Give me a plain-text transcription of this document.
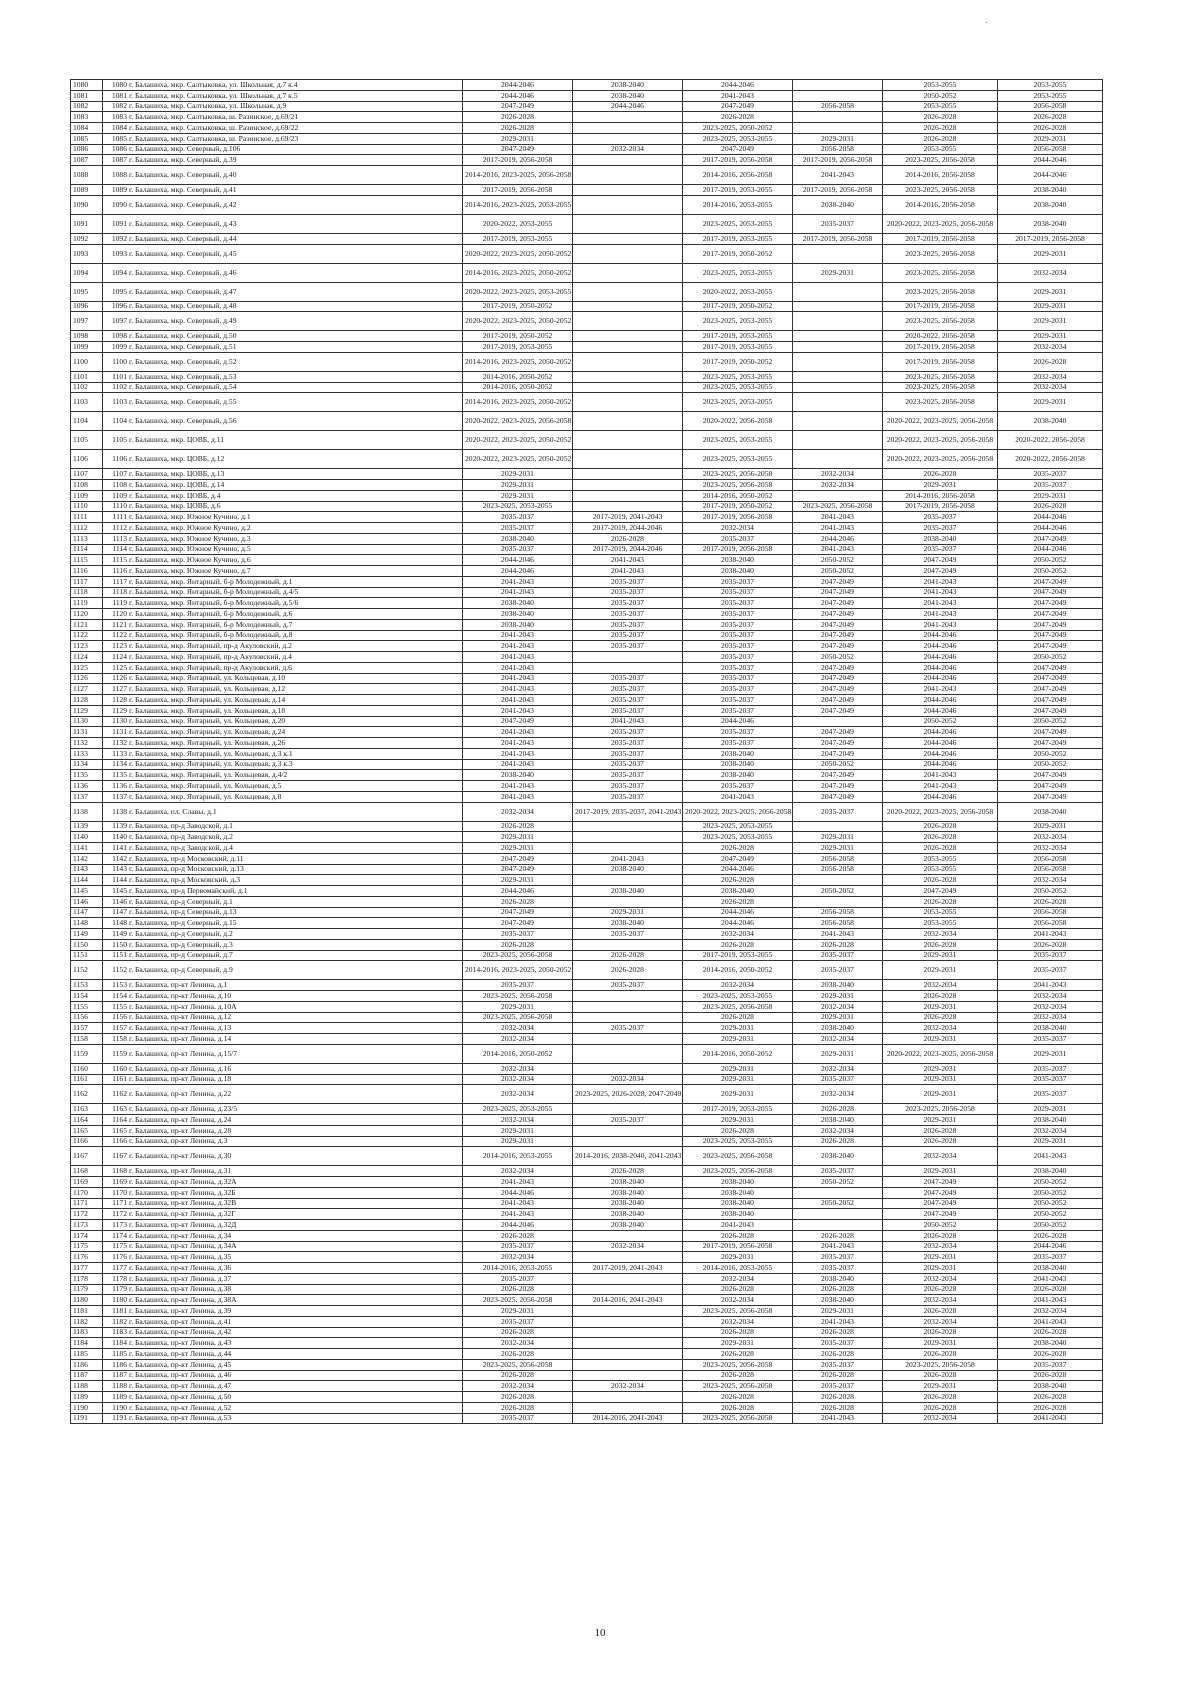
1080	1080 г. Балашиха, мкр. Салтыковка, ул. Школьная, д.7 к.4	2044-2046	2038-2040	2044-2046		2053-2055	2053-2055
1081	1081 г. Балашиха, мкр. Салтыковка, ул. Школьная, д.7 к.5	2044-2046	2038-2040	2041-2043		2050-2052	2053-2055
1082	1082 г. Балашиха, мкр. Салтыковка, ул. Школьная, д.9	2047-2049	2044-2046	2047-2049	2056-2058	2053-2055	2056-2058
1083	1083 г. Балашиха, мкр. Салтыковка, ш. Разинское, д.69/21	2026-2028		2026-2028		2026-2028	2026-2028
1084	1084 г. Балашиха, мкр. Салтыковка, ш. Разинское, д.69/22	2026-2028		2023-2025, 2050-2052		2026-2028	2026-2028
1085	1085 г. Балашиха, мкр. Салтыковка, ш. Разинское, д.69/23	2029-2031		2023-2025, 2053-2055	2029-2031	2026-2028	2029-2031
1086	1086 г. Балашиха, мкр. Северный, д.106	2047-2049	2032-2034	2047-2049	2056-2058	2053-2055	2056-2058
1087	1087 г. Балашиха, мкр. Северный, д.39	2017-2019, 2056-2058		2017-2019, 2056-2058	2017-2019, 2056-2058	2023-2025, 2056-2058	2044-2046
1088	1088 г. Балашиха, мкр. Северный, д.40	2014-2016, 2023-2025, 2056-2058		2014-2016, 2056-2058	2041-2043	2014-2016, 2056-2058	2044-2046
1089	1089 г. Балашиха, мкр. Северный, д.41	2017-2019, 2056-2058		2017-2019, 2053-2055	2017-2019, 2056-2058	2023-2025, 2056-2058	2038-2040
1090	1090 г. Балашиха, мкр. Северный, д.42	2014-2016, 2023-2025, 2053-2055		2014-2016, 2053-2055	2038-2040	2014-2016, 2056-2058	2038-2040
1091	1091 г. Балашиха, мкр. Северный, д.43	2020-2022, 2053-2055		2023-2025, 2053-2055	2035-2037	2020-2022, 2023-2025, 2056-2058	2038-2040
1092	1092 г. Балашиха, мкр. Северный, д.44	2017-2019, 2053-2055		2017-2019, 2053-2055	2017-2019, 2056-2058	2017-2019, 2056-2058	2017-2019, 2056-2058
1093	1093 г. Балашиха, мкр. Северный, д.45	2020-2022, 2023-2025, 2050-2052		2017-2019, 2050-2052		2023-2025, 2056-2058	2029-2031
1094	1094 г. Балашиха, мкр. Северный, д.46	2014-2016, 2023-2025, 2050-2052		2023-2025, 2053-2055	2029-2031	2023-2025, 2056-2058	2032-2034
1095	1095 г. Балашиха, мкр. Северный, д.47	2020-2022, 2023-2025, 2053-2055		2020-2022, 2053-2055		2023-2025, 2056-2058	2029-2031
1096	1096 г. Балашиха, мкр. Северный, д.48	2017-2019, 2050-2052		2017-2019, 2050-2052		2017-2019, 2056-2058	2029-2031
1097	1097 г. Балашиха, мкр. Северный, д.49	2020-2022, 2023-2025, 2050-2052		2023-2025, 2053-2055		2023-2025, 2056-2058	2029-2031
1098	1098 г. Балашиха, мкр. Северный, д.50	2017-2019, 2050-2052		2017-2019, 2053-2055		2020-2022, 2056-2058	2029-2031
1099	1099 г. Балашиха, мкр. Северный, д.51	2017-2019, 2053-2055		2017-2019, 2053-2055		2017-2019, 2056-2058	2032-2034
1100	1100 г. Балашиха, мкр. Северный, д.52	2014-2016, 2023-2025, 2050-2052		2017-2019, 2050-2052		2017-2019, 2056-2058	2026-2028
1101	1101 г. Балашиха, мкр. Северный, д.53	2014-2016, 2050-2052		2023-2025, 2053-2055		2023-2025, 2056-2058	2032-2034
1102	1102 г. Балашиха, мкр. Северный, д.54	2014-2016, 2050-2052		2023-2025, 2053-2055		2023-2025, 2056-2058	2032-2034
1103	1103 г. Балашиха, мкр. Северный, д.55	2014-2016, 2023-2025, 2050-2052		2023-2025, 2053-2055		2023-2025, 2056-2058	2029-2031
1104	1104 г. Балашиха, мкр. Северный, д.56	2020-2022, 2023-2025, 2056-2058		2020-2022, 2056-2058		2020-2022, 2023-2025, 2056-2058	2038-2040
1105	1105 г. Балашиха, мкр. ЦОВБ, д.11	2020-2022, 2023-2025, 2050-2052		2023-2025, 2053-2055		2020-2022, 2023-2025, 2056-2058	2020-2022, 2056-2058
1106	1106 г. Балашиха, мкр. ЦОВБ, д.12	2020-2022, 2023-2025, 2050-2052		2023-2025, 2053-2055		2020-2022, 2023-2025, 2056-2058	2020-2022, 2056-2058
1107	1107 г. Балашиха, мкр. ЦОВБ, д.13	2029-2031		2023-2025, 2056-2058	2032-2034	2026-2028	2035-2037
1108	1108 г. Балашиха, мкр. ЦОВБ, д.14	2029-2031		2023-2025, 2056-2058	2032-2034	2029-2031	2035-2037
1109	1109 г. Балашиха, мкр. ЦОВБ, д.4	2029-2031		2014-2016, 2050-2052		2014-2016, 2056-2058	2029-2031
1110	1110 г. Балашиха, мкр. ЦОВБ, д.6	2023-2025, 2053-2055		2017-2019, 2050-2052	2023-2025, 2056-2058	2017-2019, 2056-2058	2026-2028
1111	1111 г. Балашиха, мкр. Южное Кучино, д.1	2035-2037	2017-2019, 2041-2043	2017-2019, 2056-2058	2041-2043	2035-2037	2044-2046
1112	1112 г. Балашиха, мкр. Южное Кучино, д.2	2035-2037	2017-2019, 2044-2046	2032-2034	2041-2043	2035-2037	2044-2046
1113	1113 г. Балашиха, мкр. Южное Кучино, д.3	2038-2040	2026-2028	2035-2037	2044-2046	2038-2040	2047-2049
1114	1114 г. Балашиха, мкр. Южное Кучино, д.5	2035-2037	2017-2019, 2044-2046	2017-2019, 2056-2058	2041-2043	2035-2037	2044-2046
1115	1115 г. Балашиха, мкр. Южное Кучино, д.6	2044-2046	2041-2043	2038-2040	2050-2052	2047-2049	2050-2052
1116	1116 г. Балашиха, мкр. Южное Кучино, д.7	2044-2046	2041-2043	2038-2040	2050-2052	2047-2049	2050-2052
1117	1117 г. Балашиха, мкр. Янтарный, б-р Молодежный, д.1	2041-2043	2035-2037	2035-2037	2047-2049	2041-2043	2047-2049
1118	1118 г. Балашиха, мкр. Янтарный, б-р Молодежный, д.4/5	2041-2043	2035-2037	2035-2037	2047-2049	2041-2043	2047-2049
1119	1119 г. Балашиха, мкр. Янтарный, б-р Молодежный, д.5/6	2038-2040	2035-2037	2035-2037	2047-2049	2041-2043	2047-2049
1120	1120 г. Балашиха, мкр. Янтарный, б-р Молодежный, д.6	2038-2040	2035-2037	2035-2037	2047-2049	2041-2043	2047-2049
1121	1121 г. Балашиха, мкр. Янтарный, б-р Молодежный, д.7	2038-2040	2035-2037	2035-2037	2047-2049	2041-2043	2047-2049
1122	1122 г. Балашиха, мкр. Янтарный, б-р Молодежный, д.8	2041-2043	2035-2037	2035-2037	2047-2049	2044-2046	2047-2049
1123	1123 г. Балашиха, мкр. Янтарный, пр-д Акуловский, д.2	2041-2043	2035-2037	2035-2037	2047-2049	2044-2046	2047-2049
1124	1124 г. Балашиха, мкр. Янтарный, пр-д Акуловский, д.4	2041-2043		2035-2037	2050-2052	2044-2046	2050-2052
1125	1125 г. Балашиха, мкр. Янтарный, пр-д Акуловский, д.6	2041-2043		2035-2037	2047-2049	2044-2046	2047-2049
1126	1126 г. Балашиха, мкр. Янтарный, ул. Кольцевая, д.10	2041-2043	2035-2037	2035-2037	2047-2049	2044-2046	2047-2049
1127	1127 г. Балашиха, мкр. Янтарный, ул. Кольцевая, д.12	2041-2043	2035-2037	2035-2037	2047-2049	2041-2043	2047-2049
1128	1128 г. Балашиха, мкр. Янтарный, ул. Кольцевая, д.14	2041-2043	2035-2037	2035-2037	2047-2049	2044-2046	2047-2049
1129	1129 г. Балашиха, мкр. Янтарный, ул. Кольцевая, д.18	2041-2043	2035-2037	2035-2037	2047-2049	2044-2046	2047-2049
1130	1130 г. Балашиха, мкр. Янтарный, ул. Кольцевая, д.20	2047-2049	2041-2043	2044-2046		2050-2052	2050-2052
1131	1131 г. Балашиха, мкр. Янтарный, ул. Кольцевая, д.24	2041-2043	2035-2037	2035-2037	2047-2049	2044-2046	2047-2049
1132	1132 г. Балашиха, мкр. Янтарный, ул. Кольцевая, д.26	2041-2043	2035-2037	2035-2037	2047-2049	2044-2046	2047-2049
1133	1133 г. Балашиха, мкр. Янтарный, ул. Кольцевая, д.3 к.1	2041-2043	2035-2037	2038-2040	2047-2049	2044-2046	2050-2052
1134	1134 г. Балашиха, мкр. Янтарный, ул. Кольцевая, д.3 к.3	2041-2043	2035-2037	2038-2040	2050-2052	2044-2046	2050-2052
1135	1135 г. Балашиха, мкр. Янтарный, ул. Кольцевая, д.4/2	2038-2040	2035-2037	2038-2040	2047-2049	2041-2043	2047-2049
1136	1136 г. Балашиха, мкр. Янтарный, ул. Кольцевая, д.5	2041-2043	2035-2037	2035-2037	2047-2049	2041-2043	2047-2049
1137	1137 г. Балашиха, мкр. Янтарный, ул. Кольцевая, д.8	2041-2043	2035-2037	2041-2043	2047-2049	2044-2046	2047-2049
1138	1138 г. Балашиха, пл. Славы, д.1	2032-2034	2017-2019, 2035-2037, 2041-2043	2020-2022, 2023-2025, 2056-2058	2035-2037	2020-2022, 2023-2025, 2056-2058	2038-2040
1139	1139 г. Балашиха, пр-д Заводской, д.1	2026-2028		2023-2025, 2053-2055		2026-2028	2029-2031
1140	1140 г. Балашиха, пр-д Заводской, д.2	2029-2031		2023-2025, 2053-2055	2029-2031	2026-2028	2032-2034
1141	1141 г. Балашиха, пр-д Заводской, д.4	2029-2031		2026-2028	2029-2031	2026-2028	2032-2034
1142	1142 г. Балашиха, пр-д Московский, д.11	2047-2049	2041-2043	2047-2049	2056-2058	2053-2055	2056-2058
1143	1143 г. Балашиха, пр-д Московский, д.13	2047-2049	2038-2040	2044-2046	2056-2058	2053-2055	2056-2058
1144	1144 г. Балашиха, пр-д Московский, д.3	2029-2031		2026-2028		2026-2028	2032-2034
1145	1145 г. Балашиха, пр-д Первомайский, д.1	2044-2046	2038-2040	2038-2040	2050-2052	2047-2049	2050-2052
1146	1146 г. Балашиха, пр-д Северный, д.1	2026-2028		2026-2028		2026-2028	2026-2028
1147	1147 г. Балашиха, пр-д Северный, д.13	2047-2049	2029-2031	2044-2046	2056-2058	2053-2055	2056-2058
1148	1148 г. Балашиха, пр-д Северный, д.15	2047-2049	2038-2040	2044-2046	2056-2058	2053-2055	2056-2058
1149	1149 г. Балашиха, пр-д Северный, д.2	2035-2037	2035-2037	2032-2034	2041-2043	2032-2034	2041-2043
1150	1150 г. Балашиха, пр-д Северный, д.3	2026-2028		2026-2028	2026-2028	2026-2028	2026-2028
1151	1151 г. Балашиха, пр-д Северный, д.7	2023-2025, 2056-2058	2026-2028	2017-2019, 2053-2055	2035-2037	2029-2031	2035-2037
1152	1152 г. Балашиха, пр-д Северный, д.9	2014-2016, 2023-2025, 2050-2052	2026-2028	2014-2016, 2050-2052	2035-2037	2029-2031	2035-2037
1153	1153 г. Балашиха, пр-кт Ленина, д.1	2035-2037	2035-2037	2032-2034	2038-2040	2032-2034	2041-2043
1154	1154 г. Балашиха, пр-кт Ленина, д.10	2023-2025, 2056-2058		2023-2025, 2053-2055	2029-2031	2026-2028	2032-2034
1155	1155 г. Балашиха, пр-кт Ленина, д.10А	2029-2031		2023-2025, 2056-2058	2032-2034	2029-2031	2032-2034
1156	1156 г. Балашиха, пр-кт Ленина, д.12	2023-2025, 2056-2058		2026-2028	2029-2031	2026-2028	2032-2034
1157	1157 г. Балашиха, пр-кт Ленина, д.13	2032-2034	2035-2037	2029-2031	2038-2040	2032-2034	2038-2040
1158	1158 г. Балашиха, пр-кт Ленина, д.14	2032-2034		2029-2031	2032-2034	2029-2031	2035-2037
1159	1159 г. Балашиха, пр-кт Ленина, д.15/7	2014-2016, 2050-2052		2014-2016, 2050-2052	2029-2031	2020-2022, 2023-2025, 2056-2058	2029-2031
1160	1160 г. Балашиха, пр-кт Ленина, д.16	2032-2034		2029-2031	2032-2034	2029-2031	2035-2037
1161	1161 г. Балашиха, пр-кт Ленина, д.18	2032-2034	2032-2034	2029-2031	2035-2037	2029-2031	2035-2037
1162	1162 г. Балашиха, пр-кт Ленина, д.22	2032-2034	2023-2025, 2026-2028, 2047-2049	2029-2031	2032-2034	2029-2031	2035-2037
1163	1163 г. Балашиха, пр-кт Ленина, д.23/5	2023-2025, 2053-2055		2017-2019, 2053-2055	2026-2028	2023-2025, 2056-2058	2029-2031
1164	1164 г. Балашиха, пр-кт Ленина, д.24	2032-2034	2035-2037	2029-2031	2038-2040	2029-2031	2038-2040
1165	1165 г. Балашиха, пр-кт Ленина, д.28	2029-2031		2026-2028	2032-2034	2026-2028	2032-2034
1166	1166 г. Балашиха, пр-кт Ленина, д.3	2029-2031		2023-2025, 2053-2055	2026-2028	2026-2028	2029-2031
1167	1167 г. Балашиха, пр-кт Ленина, д.30	2014-2016, 2053-2055	2014-2016, 2038-2040, 2041-2043	2023-2025, 2056-2058	2038-2040	2032-2034	2041-2043
1168	1168 г. Балашиха, пр-кт Ленина, д.31	2032-2034	2026-2028	2023-2025, 2056-2058	2035-2037	2029-2031	2038-2040
1169	1169 г. Балашиха, пр-кт Ленина, д.32А	2041-2043	2038-2040	2038-2040	2050-2052	2047-2049	2050-2052
1170	1170 г. Балашиха, пр-кт Ленина, д.32Б	2044-2046	2038-2040	2038-2040		2047-2049	2050-2052
1171	1171 г. Балашиха, пр-кт Ленина, д.32В	2041-2043	2038-2040	2038-2040	2050-2052	2047-2049	2050-2052
1172	1172 г. Балашиха, пр-кт Ленина, д.32Г	2041-2043	2038-2040	2038-2040		2047-2049	2050-2052
1173	1173 г. Балашиха, пр-кт Ленина, д.32Д	2044-2046	2038-2040	2041-2043		2050-2052	2050-2052
1174	1174 г. Балашиха, пр-кт Ленина, д.34	2026-2028		2026-2028	2026-2028	2026-2028	2026-2028
1175	1175 г. Балашиха, пр-кт Ленина, д.34А	2035-2037	2032-2034	2017-2019, 2056-2058	2041-2043	2032-2034	2044-2046
1176	1176 г. Балашиха, пр-кт Ленина, д.35	2032-2034		2029-2031	2035-2037	2029-2031	2035-2037
1177	1177 г. Балашиха, пр-кт Ленина, д.36	2014-2016, 2053-2055	2017-2019, 2041-2043	2014-2016, 2053-2055	2035-2037	2029-2031	2038-2040
1178	1178 г. Балашиха, пр-кт Ленина, д.37	2035-2037		2032-2034	2038-2040	2032-2034	2041-2043
1179	1179 г. Балашиха, пр-кт Ленина, д.38	2026-2028		2026-2028	2026-2028	2026-2028	2026-2028
1180	1180 г. Балашиха, пр-кт Ленина, д.38А	2023-2025, 2056-2058	2014-2016, 2041-2043	2032-2034	2038-2040	2032-2034	2041-2043
1181	1181 г. Балашиха, пр-кт Ленина, д.39	2029-2031		2023-2025, 2056-2058	2029-2031	2026-2028	2032-2034
1182	1182 г. Балашиха, пр-кт Ленина, д.41	2035-2037		2032-2034	2041-2043	2032-2034	2041-2043
1183	1183 г. Балашиха, пр-кт Ленина, д.42	2026-2028		2026-2028	2026-2028	2026-2028	2026-2028
1184	1184 г. Балашиха, пр-кт Ленина, д.43	2032-2034		2029-2031	2035-2037	2029-2031	2038-2040
1185	1185 г. Балашиха, пр-кт Ленина, д.44	2026-2028		2026-2028	2026-2028	2026-2028	2026-2028
1186	1186 г. Балашиха, пр-кт Ленина, д.45	2023-2025, 2056-2058		2023-2025, 2056-2058	2035-2037	2023-2025, 2056-2058	2035-2037
1187	1187 г. Балашиха, пр-кт Ленина, д.46	2026-2028		2026-2028	2026-2028	2026-2028	2026-2028
1188	1188 г. Балашиха, пр-кт Ленина, д.47	2032-2034	2032-2034	2023-2025, 2056-2058	2035-2037	2029-2031	2038-2040
1189	1189 г. Балашиха, пр-кт Ленина, д.50	2026-2028		2026-2028	2026-2028	2026-2028	2026-2028
1190	1190 г. Балашиха, пр-кт Ленина, д.52	2026-2028		2026-2028	2026-2028	2026-2028	2026-2028
1191	1191 г. Балашиха, пр-кт Ленина, д.53	2035-2037	2014-2016, 2041-2043	2023-2025, 2056-2058	2041-2043	2032-2034	2041-2043
10
·
